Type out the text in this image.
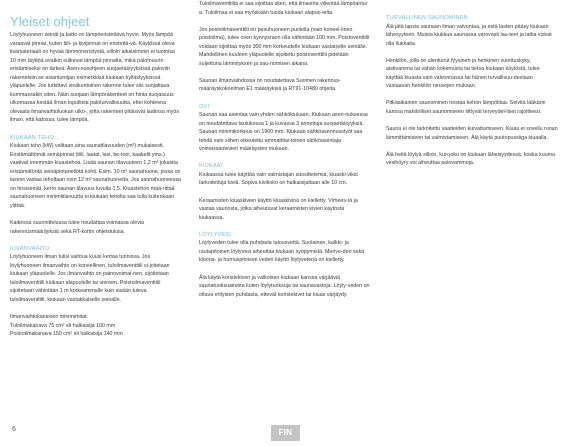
Yleiset ohjeet

Löylyhuoneen seinät ja katto on lämpöeristettävä hyvin. Myös lämpöä varaavat pinnat, kuten tiili- ja kivipinnat on eristettä-vä. Käytössä oleva lisämateriaali on hyvää lämmöneristystä, silloin aikaisimmin ei tuomisa 10 mm täyttöä ovatkin sulkevat lämpöä pinnalta, mikä palomuurin eristämiseksi on tärkeä. Asen-nusohjeen suojaetäisyyksissä paloviin rakenteisiin se asiantuntijan esimerkkisä kiukaan kyllästyyksissä yläpuolelle. Jos tutkittavi sisäkuntoinen rakenne tulee siis suojattava kummassakin siten. Näin suojaan lämpörakenteet on hinta suojaisuus ulkomassa kestää ilman lopullista paloturvallisuutta, ettei kohteena olevasta ilmanvaihtoluokan ulko-, jotta rakenteet pitäisivät laatinsa myös ilman, että katossa, tulee lämpöä.

KIUKAAN TEHO

Kiukaan teho (kW) valitaan aina saunatilavuuden (m³) mukaisesti. Eristämättömät seinäpinnat (tiili, laatat, lasi, be-toni, kaakelit yms.) vaativat enemmän kiuastehoa. Lisää saunan tilavuuteen 1,2 m³ jokaista eristämätöntä seinäpintaneliötä kohti. Esim. 10 m³ saunahuone, jossa on lasiovi vastaa teholtaan noin 12 m³ saunahuonetta. Jos saunahuoneessa on hirsiseinät, kerro saunan tilavuus luvulla 1,5. Kiuastehon mää-rittää saunahuoneen minimitilavuutta ei kiukaan teholta saa tulla kuitenkaan ylittää.

Kaikessa suunnittelussa tulee noudattaa voimassa olevia rakennusmääräyksiä sekä RT-kortin ohjeistuksia.

ILMANVAIHTO

Löylyhuoneen ilman tulisi vaihtua kuusi kertaa tunnissa. Jos löylyhuoneen ilmanvaihto on koneellinen, tuloilmaventtiili si-joitetaan kiukaan yläpuolelle. Jos ilmanvaihto on painovoimai-nen, sijoitetaan tuloilmaventtiili kiukaan alapuolelle tai viereen. Poistoilmaventtiili sijoitetaan vähintään 1 m korkeammalle kuin sisään tuleva tuloilmaventtiili, kiukaan vastakkaiselle seinälle.

Ilmanvaihtokanavien minimimitat:

Tuloilmakanava 75 cm² eli halkaisija 100 mm

Poistoilmakanava 150 cm² eli halkaisija 140 mm

Tuloilmaventtiiliä ei saa sijoittaa siten, että ilmavirta viilentää lämpöantur a. Tuloilmaa ei saa myöskään tuoda kiukaan alapuo-lelta.

Jos poistoilmaventtiili on pesuhuoneen puolella (vain koneel-linen poistoilma), tulee oven kynnysraon olla vähintään 100 mm. Poistoventtiili voidaan sijoittaa myös 300 mm korkeudelle kiukaan vastaiselle seinälle. Mahdollinen kuuleen yläpuolelle sijoitettu poistoventtiili pidetään suljettuna lämmityksen ja sau-nomisen aikana.

Saunan ilmanvaihdossa on noudatettava Suomen rakennus-määräyskokoelman E1 määräyksiä ja RT91-10480 ohjeita.

OVI

Saunan saa asentaa vain yhden sähkökiukaan. Kiukaan asen-nuksessa on noudatettava taulukossa 1 ja kuvassa 3 annettuja suojaetäisyyksiä. Saunan minimikorkeus on 1900 mm. Kiukaan sähköasennusstyöt saa tehdä vain siihen oikeutettu ammattitai-toinen sähköasentaja voimassaolevien määräysten mukaan.

KIUKAAT

Kiukaassa tulee käyttää vain valmistajan suosittelemia, kiuaski-viksi tarkoitettuja kiviä. Sopiva kivikoko on halkaisijaltaan alle 10 cm.

Keraamisten kiuaskivien käyttö kiuaskivinä on kielletty. Virhees-tä ja vastaa vauriosta, jotka aiheutuvat keraamisten kivien käytöstä kiukaassa.

LÖYLYVESI

Löylyveden tulee olla puhdasta talousvettä. Suolainen, kalkki- ja rautapitoinen löylyvesi aiheuttaa kiukaan syöpymistä. Merive-den sekä klooria- ja humuspitoisen veden käyttö löylyvetenä on kielletty.

Älä käytä koristekiven ja valkoisen kiukaan kanssa värjääviä saunatuoksuaineita kuten löylytuoksuja tai saunavastoja. Löyly-veden on oltava erityisen puhdasta, ettevät koristekivet tai kiuas värjäydy.

TURVALLINEN SAUNOMINEN

Älä jätä lapsia saunaan ilman valvontaa, ja estä lasten pääsy kiukaan lähesyyteen. Muista kiukkua saunassa varovasti lau-teet ja lattia voivat olla liukkaita.

Henkilön, jolla on alentunut fyysinen ja henkinen suorituskyky, aistivamma tai vähän kokemusta tai tietoa kiukaan käytöstä, tulee käyttää kiuasta vain valvonnassa tai hänen turvallisuu-destaan vastaavan henkilön neuvojen mukaan.

Pitkäaikainen saunominen nostaa kehon lämpötilaa. Selvitä lääkärin kanssa mahdolliset saunomiseen liittyvät terveydel-liset rajoitteesi.

Sauna ei ole tarkoitettu vaatteiden kuivattamiseen. Kiuas ei sovellu ruoan lämmittämiseen tai valmistamiseen. Älä käytä puutopussiiga kiuaalla.

Älä heitä löylyä silloin, kun joku on kiukaan läheisyydessä, koska kuuma vesihöyry voi aiheuttaa palovammoja.

6	FIN
